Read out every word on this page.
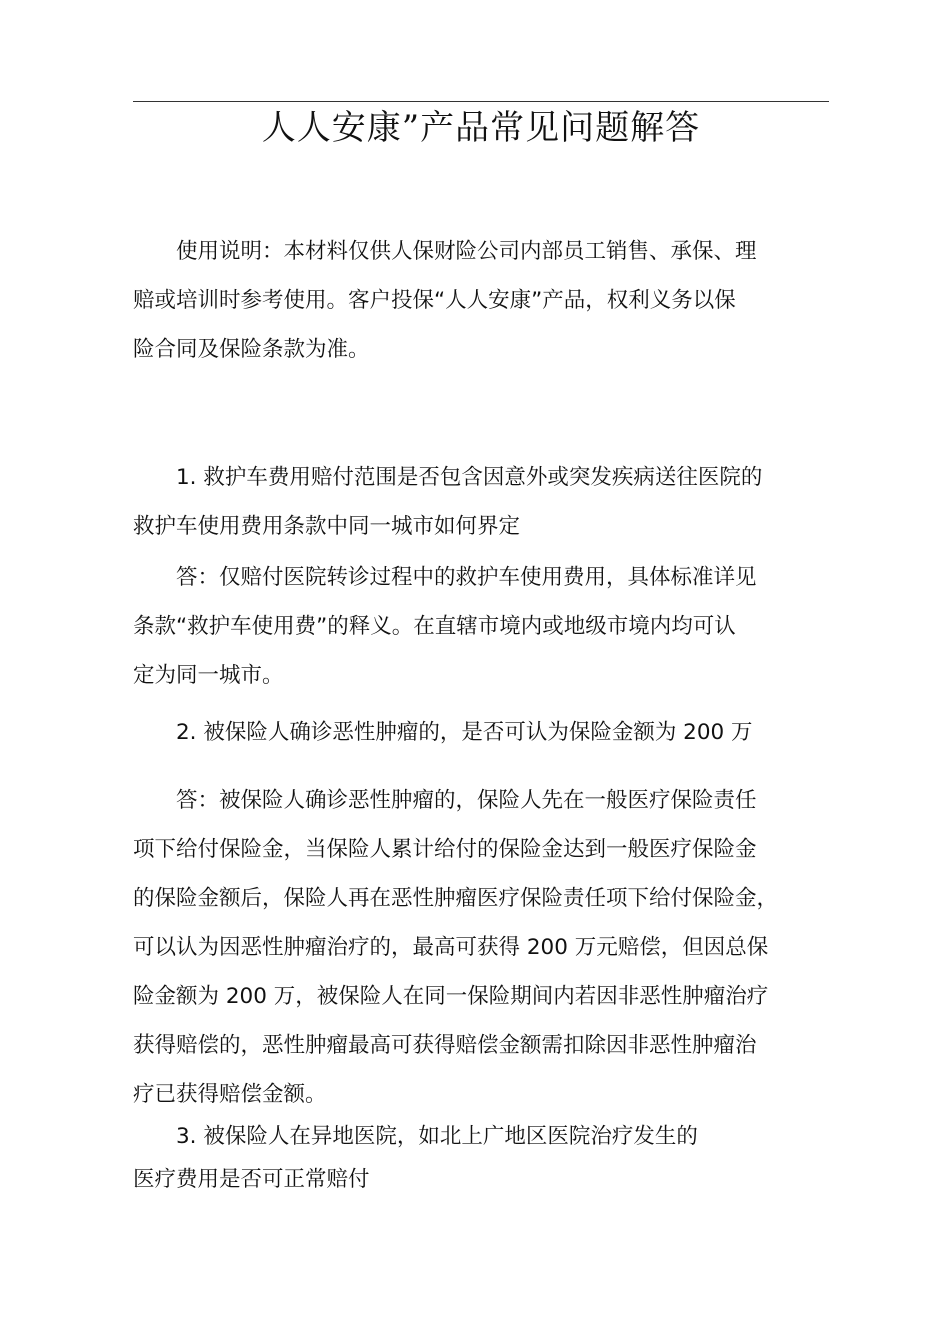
人人安康”产品常见问题解答

使用说明：本材料仅供人保财险公司内部员工销售、承保、理
赔或培训时参考使用。客户投保“人人安康”产品，权利义务以保
险合同及保险条款为准。

1. 救护车费用赔付范围是否包含因意外或突发疾病送往医院的
救护车使用费用条款中同一城市如何界定

答：仅赔付医院转诊过程中的救护车使用费用，具体标准详见
条款“救护车使用费”的释义。在直辖市境内或地级市境内均可认
定为同一城市。

2. 被保险人确诊恶性肿瘤的，是否可认为保险金额为 200 万

答：被保险人确诊恶性肿瘤的，保险人先在一般医疗保险责任
项下给付保险金，当保险人累计给付的保险金达到一般医疗保险金
的保险金额后，保险人再在恶性肿瘤医疗保险责任项下给付保险金，
可以认为因恶性肿瘤治疗的，最高可获得 200 万元赔偿，但因总保
险金额为 200 万，被保险人在同一保险期间内若因非恶性肿瘤治疗
获得赔偿的，恶性肿瘤最高可获得赔偿金额需扣除因非恶性肿瘤治
疗已获得赔偿金额。

3. 被保险人在异地医院，如北上广地区医院治疗发生的
医疗费用是否可正常赔付
